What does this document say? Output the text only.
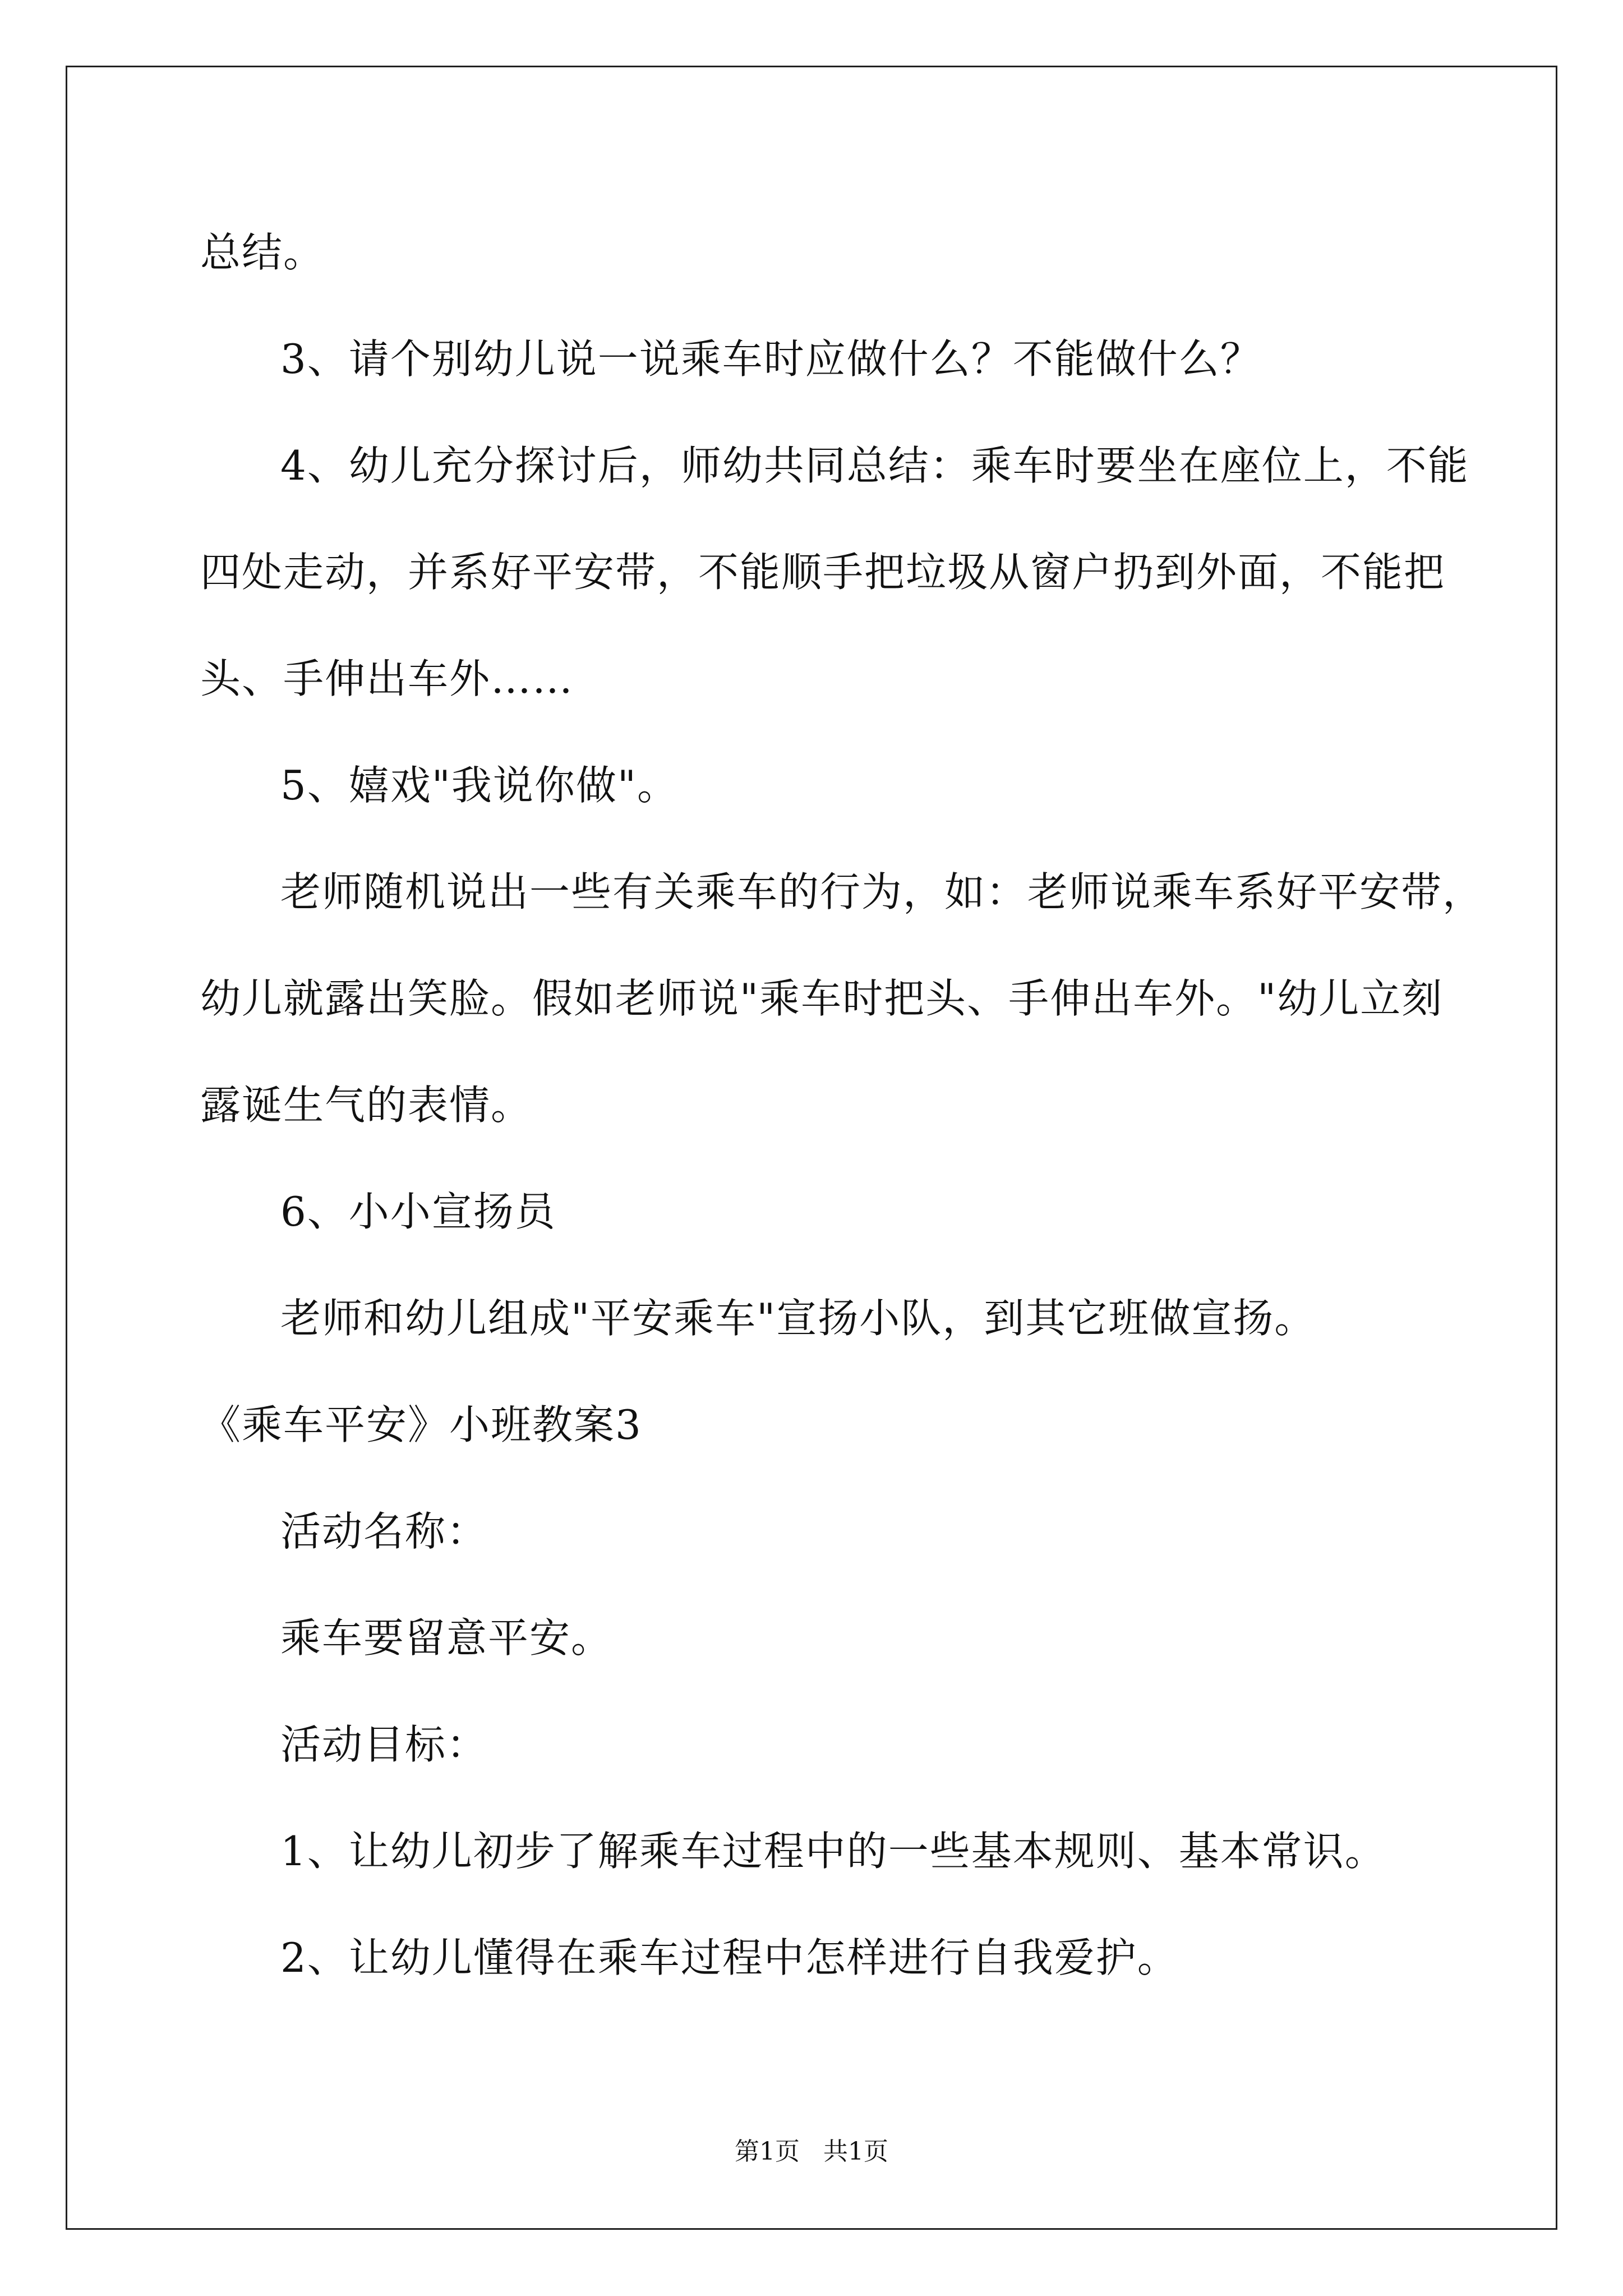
总结。
3、请个别幼儿说一说乘车时应做什么？不能做什么？
4、幼儿充分探讨后，师幼共同总结：乘车时要坐在座位上，不能
四处走动，并系好平安带，不能顺手把垃圾从窗户扔到外面，不能把
头、手伸出车外……
5、嬉戏"我说你做"。
老师随机说出一些有关乘车的行为，如：老师说乘车系好平安带，
幼儿就露出笑脸。假如老师说"乘车时把头、手伸出车外。"幼儿立刻
露诞生气的表情。
6、小小宣扬员
老师和幼儿组成"平安乘车"宣扬小队，到其它班做宣扬。
《乘车平安》小班教案3
活动名称：
乘车要留意平安。
活动目标：
1、让幼儿初步了解乘车过程中的一些基本规则、基本常识。
2、让幼儿懂得在乘车过程中怎样进行自我爱护。
第1页   共1页
